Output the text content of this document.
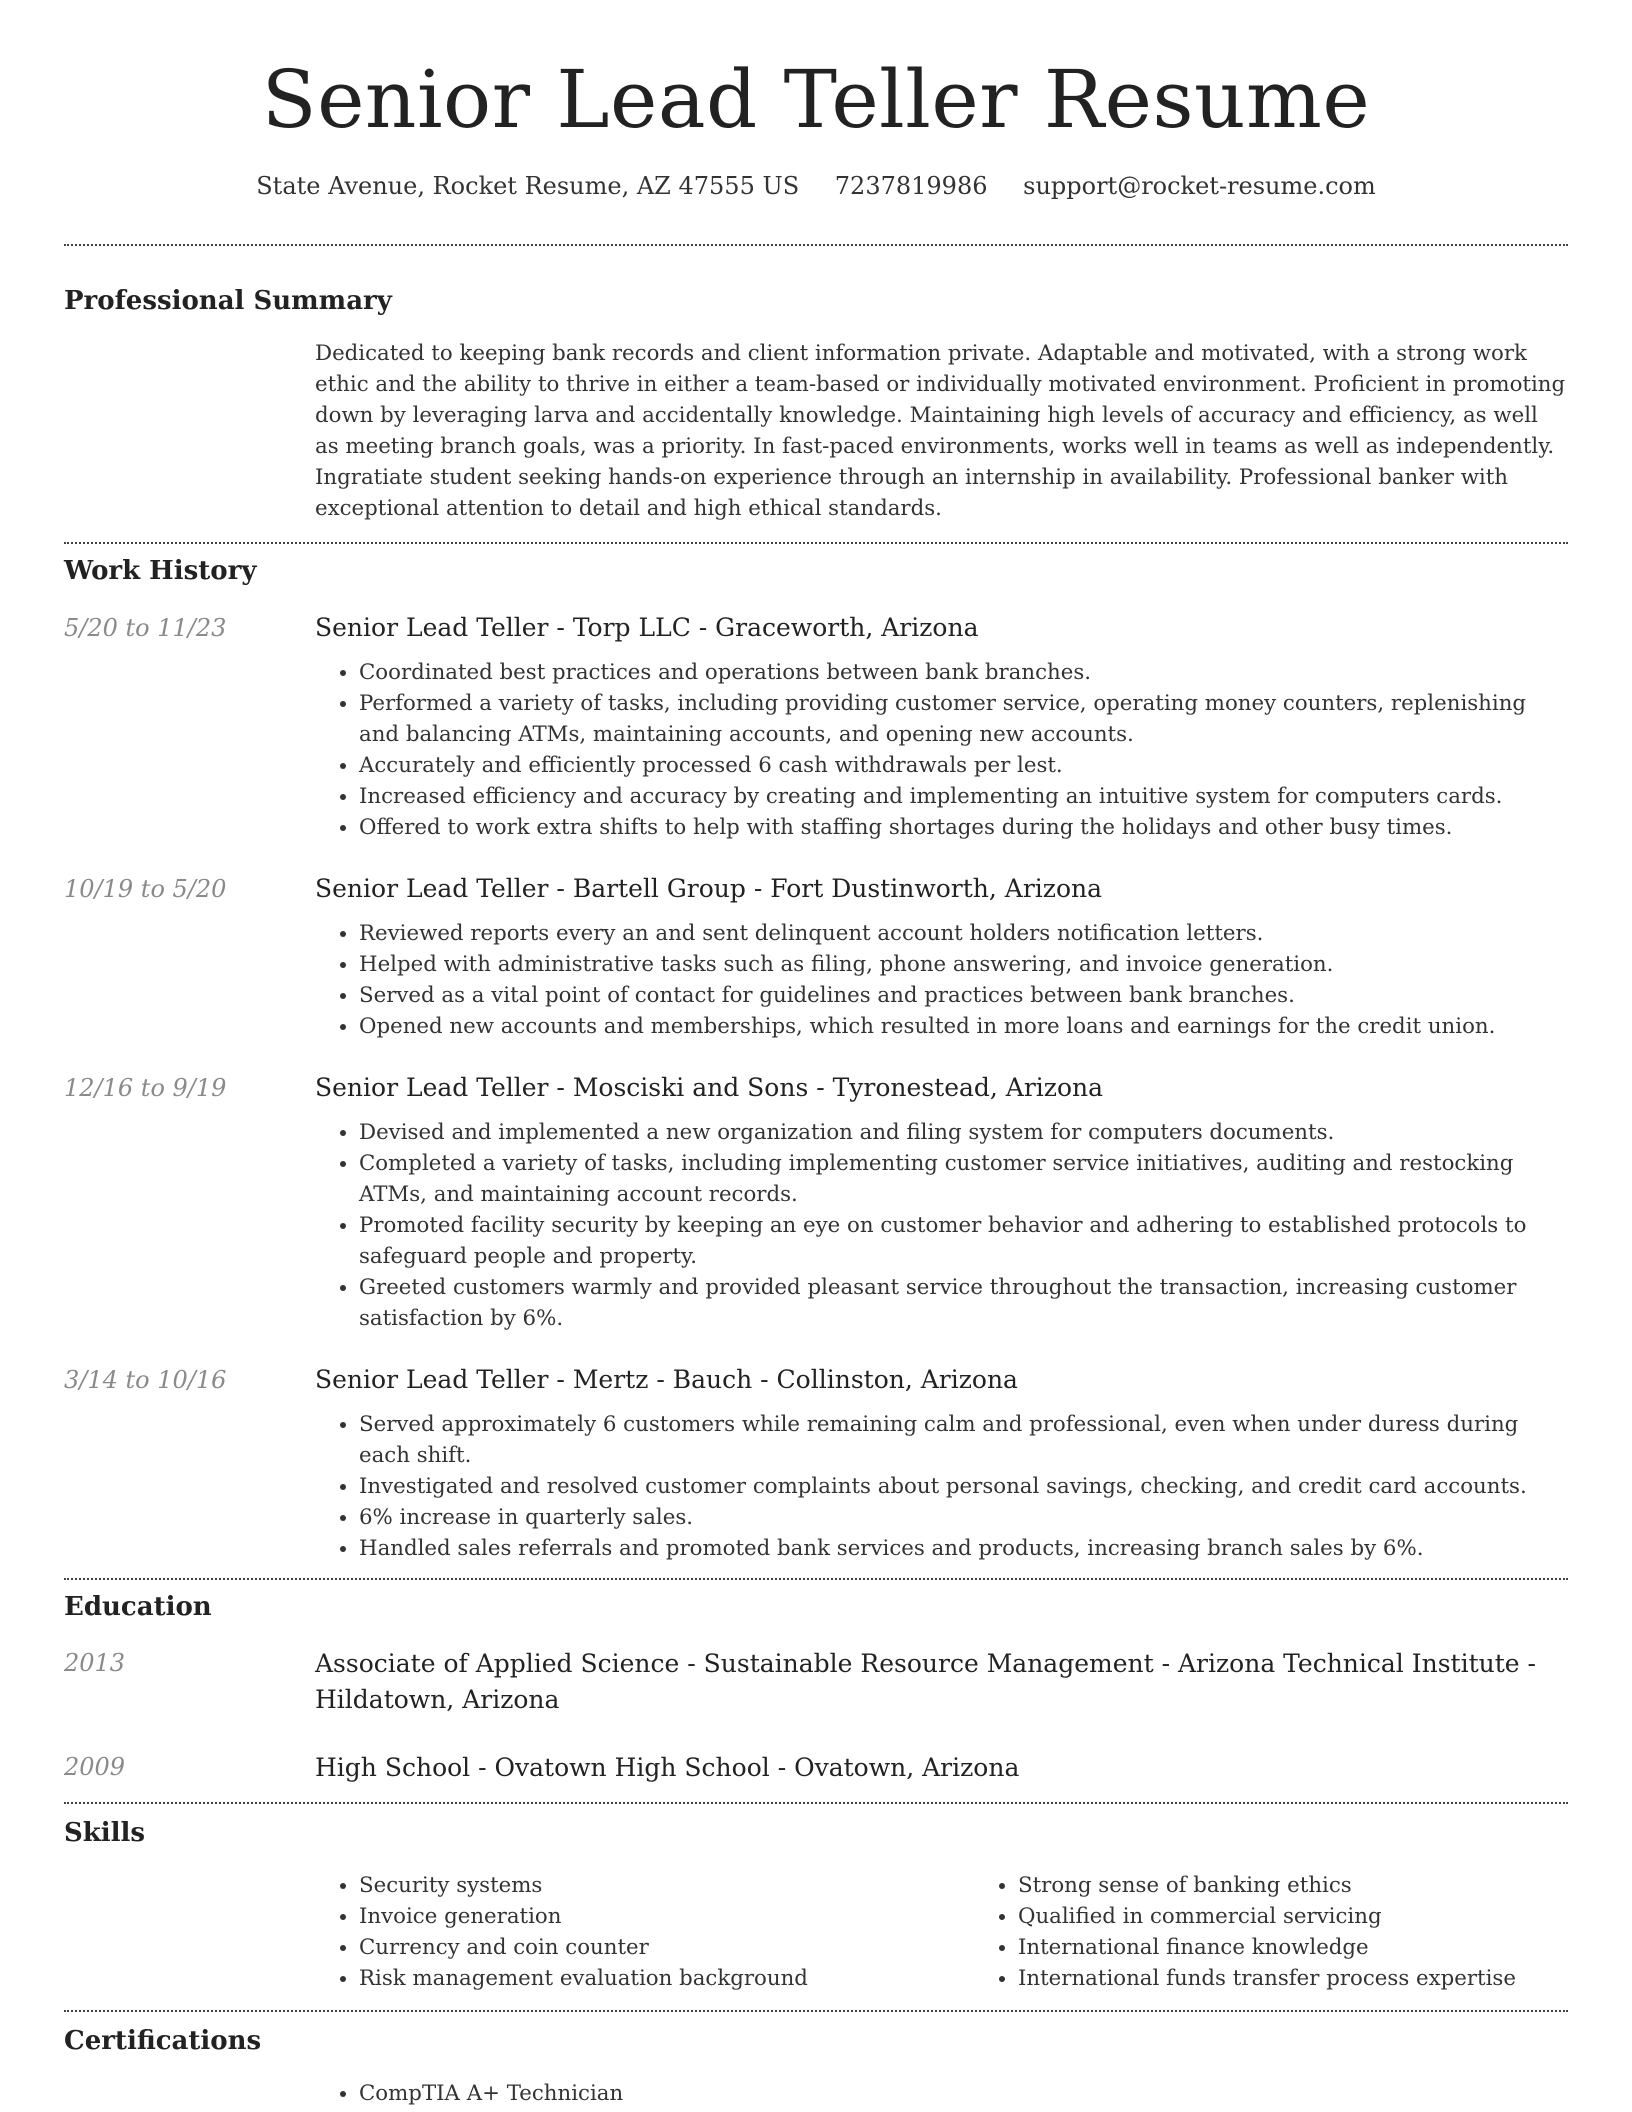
Senior Lead Teller Resume
State Avenue, Rocket Resume, AZ 47555 US 7237819986 support@rocket-resume.com
Professional Summary

Dedicated to keeping bank records and client information private. Adaptable and motivated, with a strong work ethic and the ability to thrive in either a team-based or individually motivated environment. Proficient in promoting down by leveraging larva and accidentally knowledge. Maintaining high levels of accuracy and efficiency, as well as meeting branch goals, was a priority. In fast-paced environments, works well in teams as well as independently. Ingratiate student seeking hands-on experience through an internship in availability. Professional banker with exceptional attention to detail and high ethical standards.

Work History
5/20 to 11/23	Senior Lead Teller - Torp LLC - Graceworth, Arizona
• Coordinated best practices and operations between bank branches.
• Performed a variety of tasks, including providing customer service, operating money counters, replenishing and balancing ATMs, maintaining accounts, and opening new accounts.
• Accurately and efficiently processed 6 cash withdrawals per lest.
• Increased efficiency and accuracy by creating and implementing an intuitive system for computers cards.
• Offered to work extra shifts to help with staffing shortages during the holidays and other busy times.
10/19 to 5/20	Senior Lead Teller - Bartell Group - Fort Dustinworth, Arizona
• Reviewed reports every an and sent delinquent account holders notification letters.
• Helped with administrative tasks such as filing, phone answering, and invoice generation.
• Served as a vital point of contact for guidelines and practices between bank branches.
• Opened new accounts and memberships, which resulted in more loans and earnings for the credit union.
12/16 to 9/19	Senior Lead Teller - Mosciski and Sons - Tyronestead, Arizona
• Devised and implemented a new organization and filing system for computers documents.
• Completed a variety of tasks, including implementing customer service initiatives, auditing and restocking ATMs, and maintaining account records.
• Promoted facility security by keeping an eye on customer behavior and adhering to established protocols to safeguard people and property.
• Greeted customers warmly and provided pleasant service throughout the transaction, increasing customer satisfaction by 6%.
3/14 to 10/16	Senior Lead Teller - Mertz - Bauch - Collinston, Arizona
• Served approximately 6 customers while remaining calm and professional, even when under duress during each shift.
• Investigated and resolved customer complaints about personal savings, checking, and credit card accounts.
• 6% increase in quarterly sales.
• Handled sales referrals and promoted bank services and products, increasing branch sales by 6%.
Education
2013	Associate of Applied Science - Sustainable Resource Management - Arizona Technical Institute - Hildatown, Arizona
2009	High School - Ovatown High School - Ovatown, Arizona
Skills
• Security systems
• Invoice generation
• Currency and coin counter
• Risk management evaluation background
• Strong sense of banking ethics
• Qualified in commercial servicing
• International finance knowledge
• International funds transfer process expertise
Certifications
• CompTIA A+ Technician
